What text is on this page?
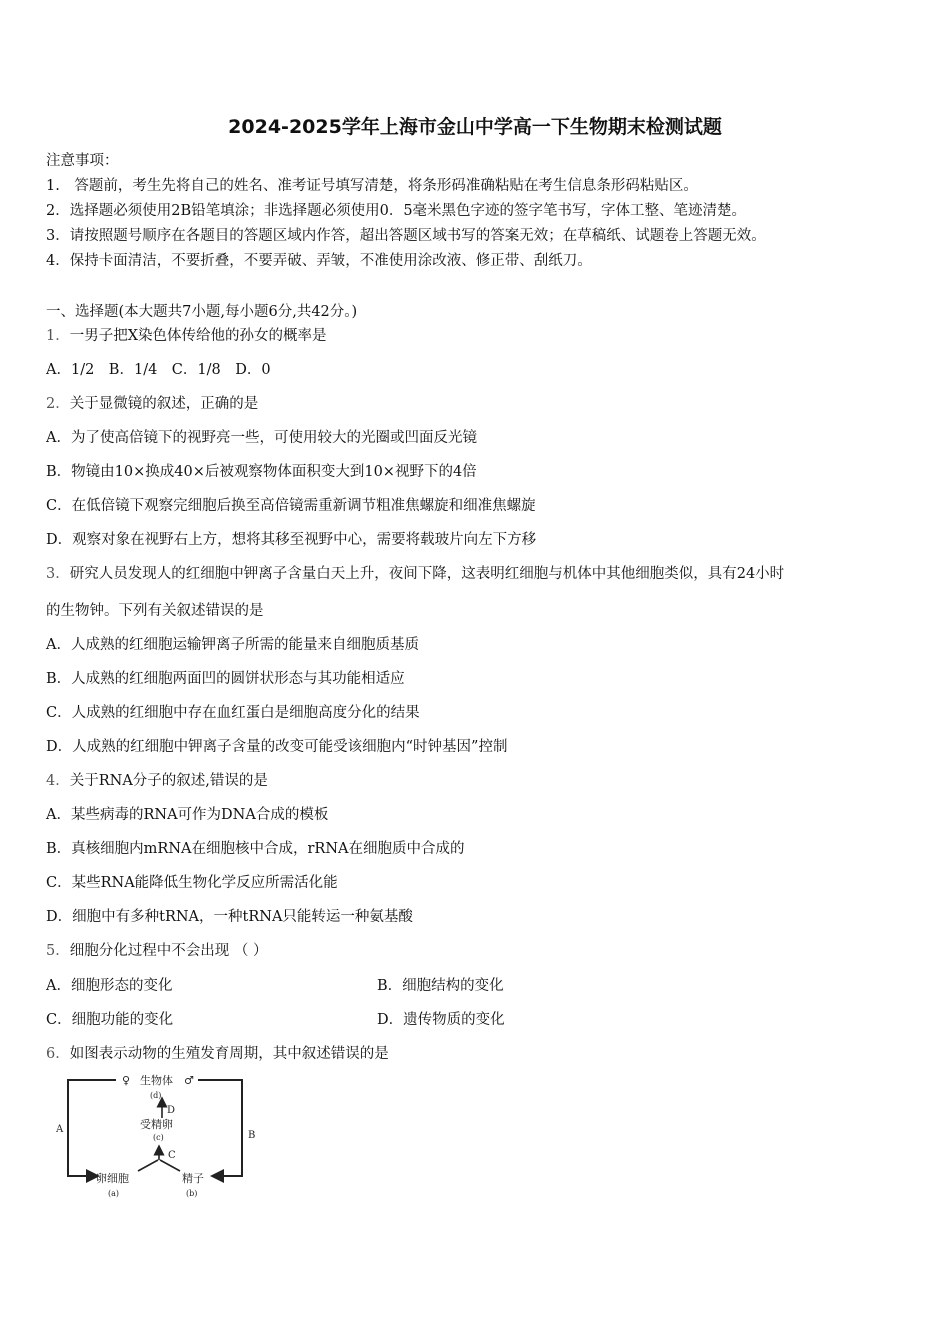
2024-2025学年上海市金山中学高一下生物期末检测试题
注意事项：
1.　答题前，考生先将自己的姓名、准考证号填写清楚，将条形码准确粘贴在考生信息条形码粘贴区。
2．选择题必须使用2B铅笔填涂；非选择题必须使用0．5毫米黑色字迹的签字笔书写，字体工整、笔迹清楚。
3．请按照题号顺序在各题目的答题区域内作答，超出答题区域书写的答案无效；在草稿纸、试题卷上答题无效。
4．保持卡面清洁，不要折叠，不要弄破、弄皱，不准使用涂改液、修正带、刮纸刀。
一、选择题(本大题共7小题,每小题6分,共42分。)
1．一男子把X染色体传给他的孙女的概率是
A．1/2　B．1/4　C．1/8　D．0
2．关于显微镜的叙述，正确的是
A．为了使高倍镜下的视野亮一些，可使用较大的光圈或凹面反光镜
B．物镜由10×换成40×后被观察物体面积变大到10×视野下的4倍
C．在低倍镜下观察完细胞后换至高倍镜需重新调节粗准焦螺旋和细准焦螺旋
D．观察对象在视野右上方，想将其移至视野中心，需要将载玻片向左下方移
3．研究人员发现人的红细胞中钾离子含量白天上升，夜间下降，这表明红细胞与机体中其他细胞类似，具有24小时
的生物钟。下列有关叙述错误的是
A．人成熟的红细胞运输钾离子所需的能量来自细胞质基质
B．人成熟的红细胞两面凹的圆饼状形态与其功能相适应
C．人成熟的红细胞中存在血红蛋白是细胞高度分化的结果
D．人成熟的红细胞中钾离子含量的改变可能受该细胞内“时钟基因”控制
4．关于RNA分子的叙述,错误的是
A．某些病毒的RNA可作为DNA合成的模板
B．真核细胞内mRNA在细胞核中合成，rRNA在细胞质中合成的
C．某些RNA能降低生物化学反应所需活化能
D．细胞中有多种tRNA，一种tRNA只能转运一种氨基酸
5．细胞分化过程中不会出现 （ ）
A．细胞形态的变化	B．细胞结构的变化
C．细胞功能的变化	D．遗传物质的变化
6．如图表示动物的生殖发育周期，其中叙述错误的是
♀ 生物体 ♂
(d)
D
受精卵
(c)
C
A
B
卵细胞
(a)
精子
(b)
